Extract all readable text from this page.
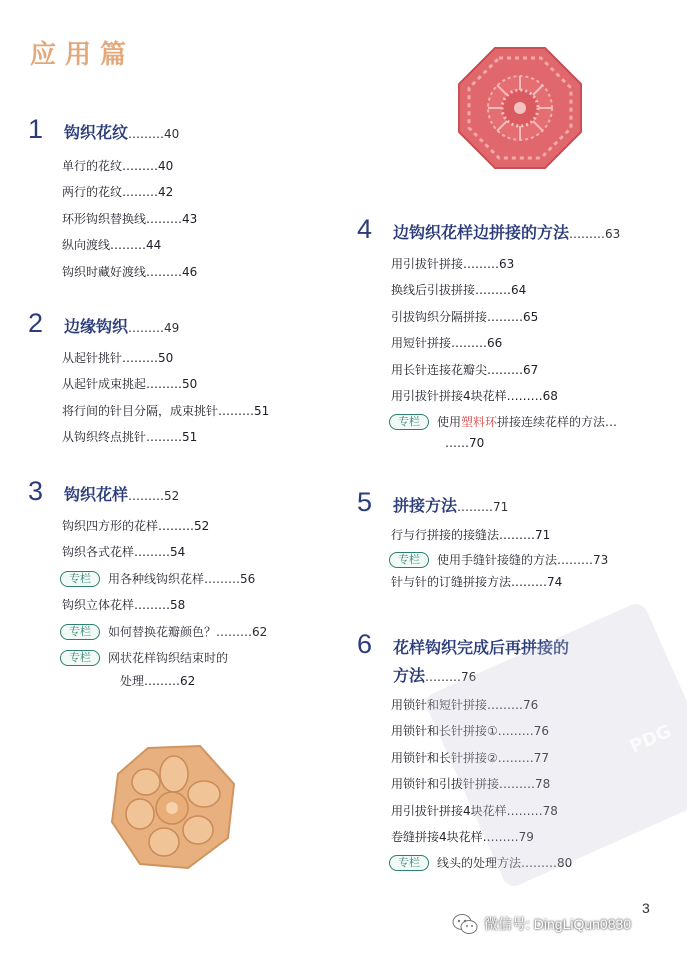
应用篇
1 钩织花纹………40
单行的花纹………40
两行的花纹………42
环形钩织替换线………43
纵向渡线………44
钩织时藏好渡线………46
2 边缘钩织………49
从起针挑针………50
从起针成束挑起………50
将行间的针目分隔，成束挑针………51
从钩织终点挑针………51
3 钩织花样………52
钩织四方形的花样………52
钩织各式花样………54
专栏 用各种线钩织花样………56
钩织立体花样………58
专栏 如何替换花瓣颜色？………62
专栏 网状花样钩织结束时的
处理………62
4 边钩织花样边拼接的方法………63
用引拔针拼接………63
换线后引拔拼接………64
引拔钩织分隔拼接………65
用短针拼接………66
用长针连接花瓣尖………67
用引拔针拼接4块花样………68
专栏 使用塑料环拼接连续花样的方法…
……70
5 拼接方法………71
行与行拼接的接缝法………71
专栏 使用手缝针接缝的方法………73
针与针的订缝拼接方法………74
6 花样钩织完成后再拼接的
方法………76
用锁针和短针拼接………76
用锁针和长针拼接①………76
用锁针和长针拼接②………77
用锁针和引拔针拼接………78
用引拔针拼接4块花样………78
卷缝拼接4块花样………79
专栏 线头的处理方法………80
PDG
3
微信号: DingLiQun0830
